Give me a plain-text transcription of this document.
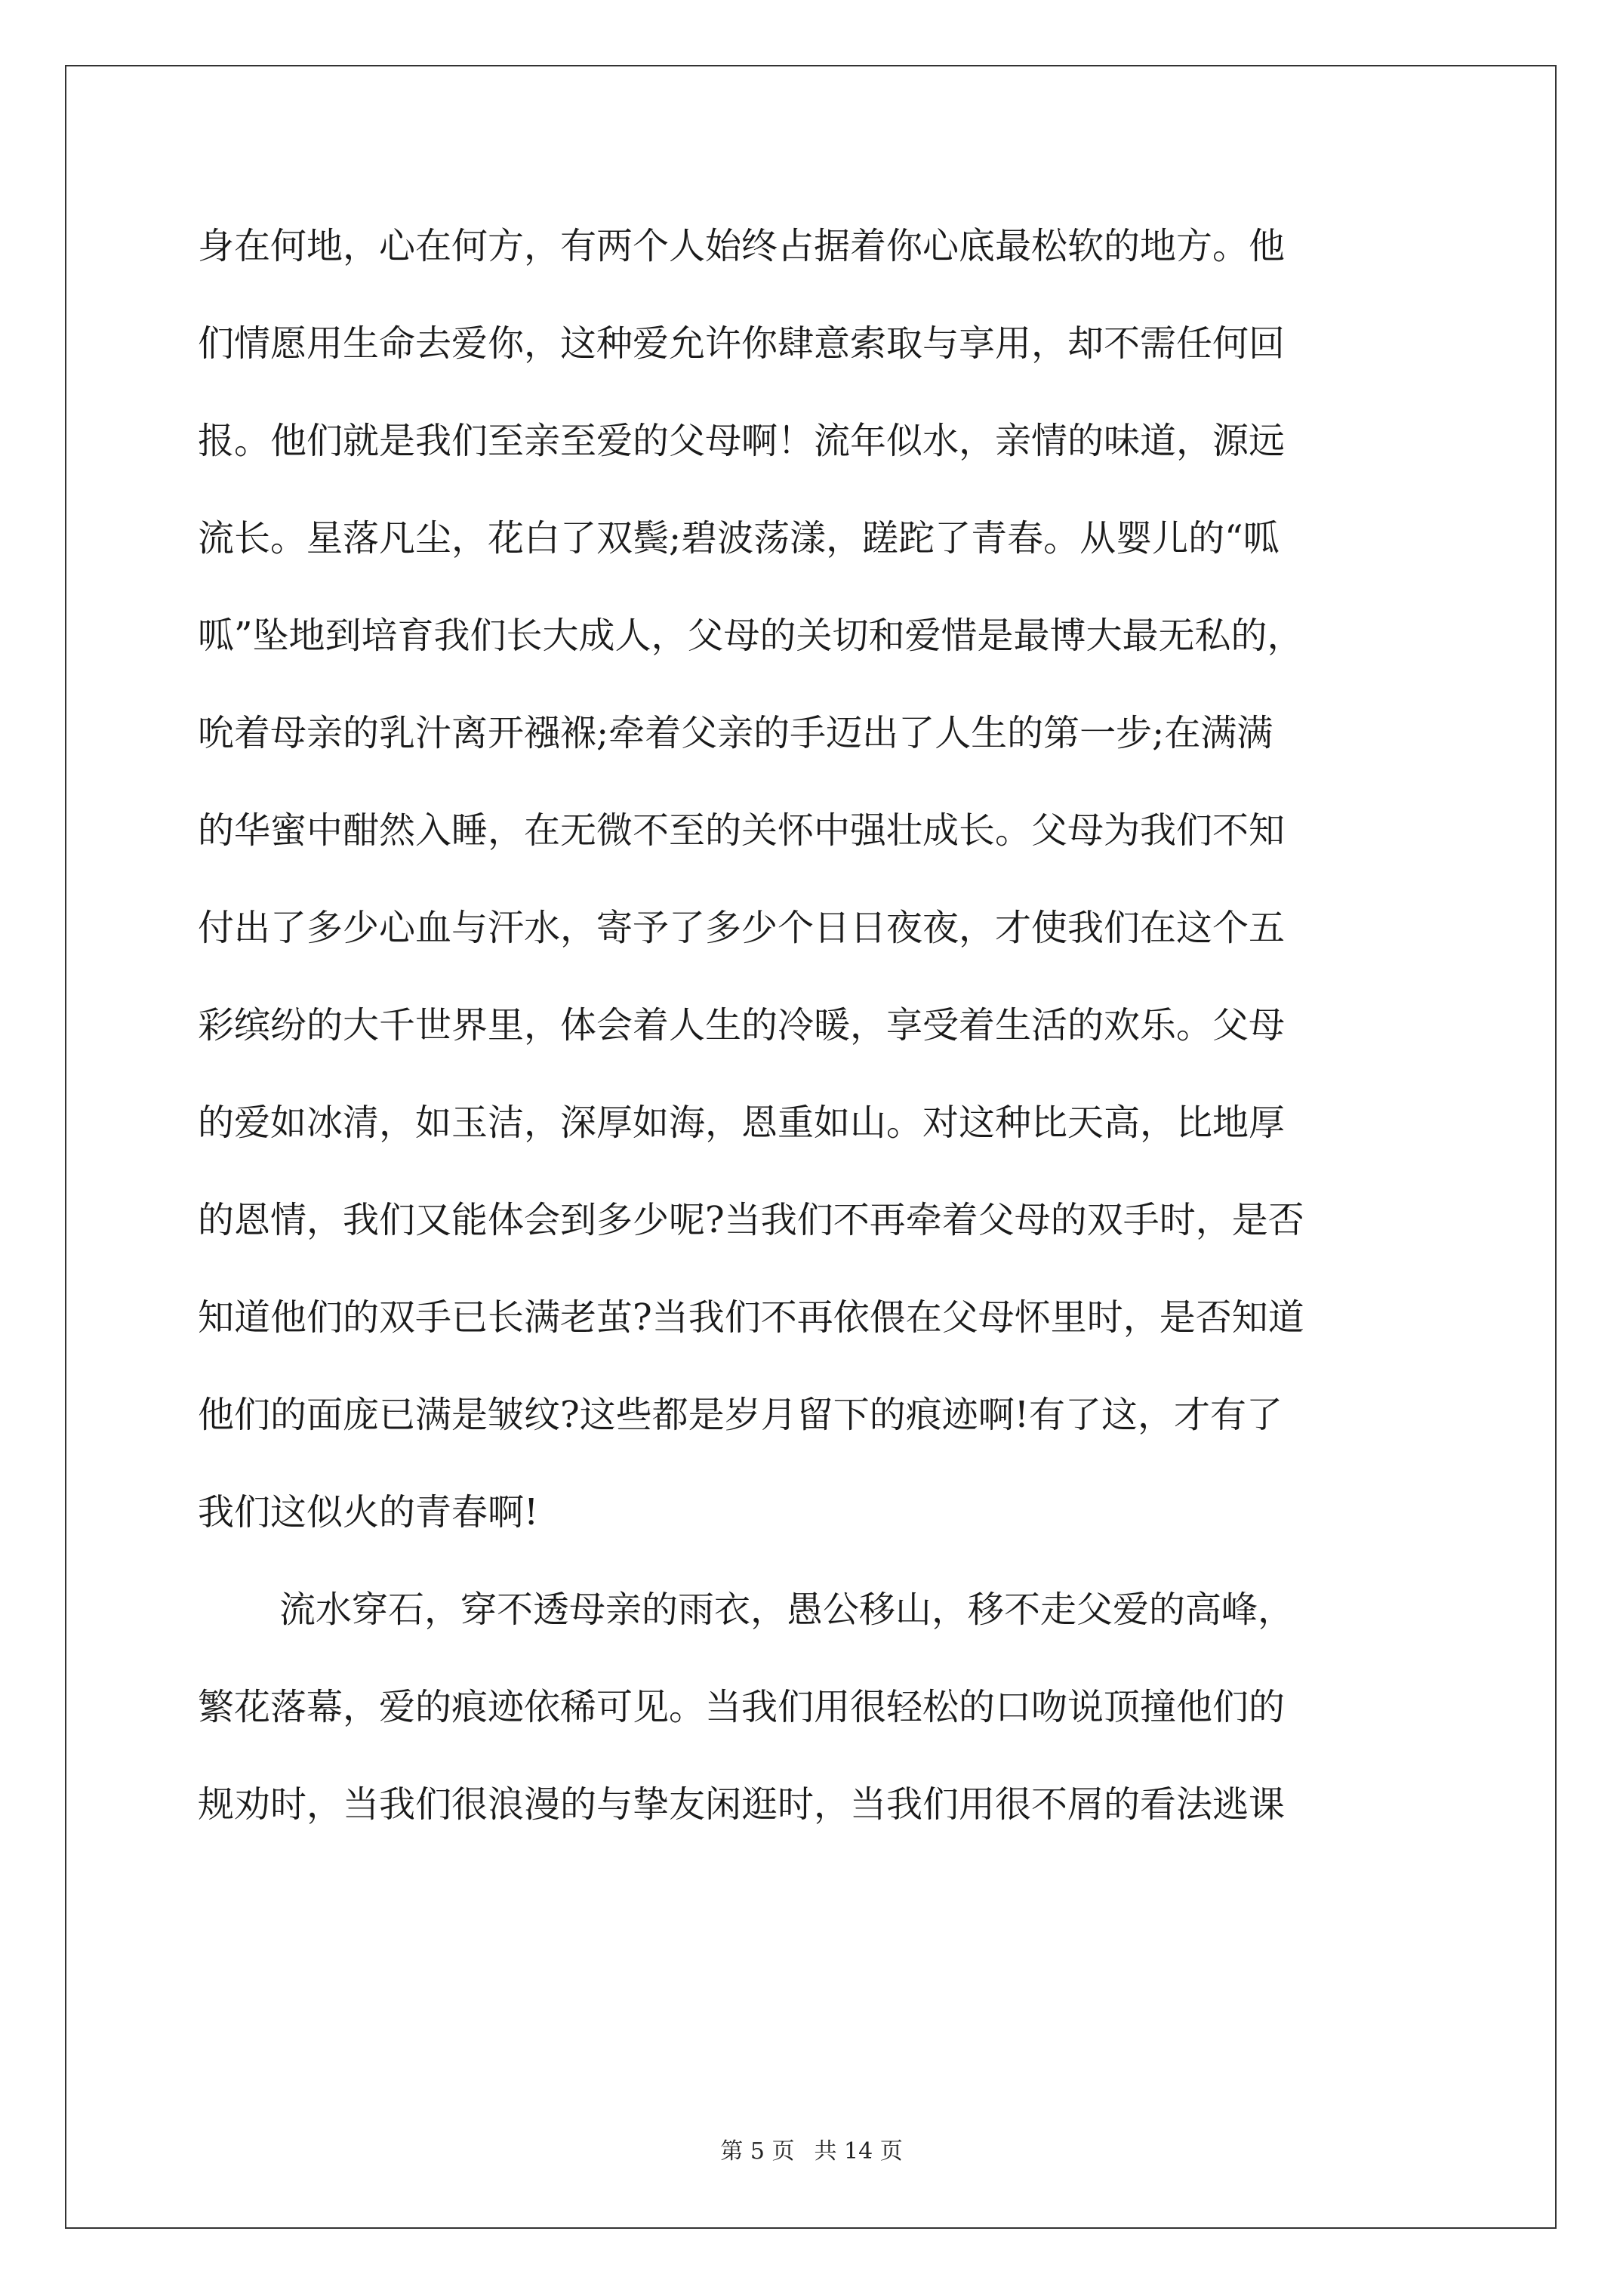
身在何地，心在何方，有两个人始终占据着你心底最松软的地方。他
们情愿用生命去爱你，这种爱允许你肆意索取与享用，却不需任何回
报。他们就是我们至亲至爱的父母啊！流年似水，亲情的味道，源远
流长。星落凡尘，花白了双鬓;碧波荡漾，蹉跎了青春。从婴儿的“呱
呱”坠地到培育我们长大成人，父母的关切和爱惜是最博大最无私的，
吮着母亲的乳汁离开襁褓;牵着父亲的手迈出了人生的第一步;在满满
的华蜜中酣然入睡，在无微不至的关怀中强壮成长。父母为我们不知
付出了多少心血与汗水，寄予了多少个日日夜夜，才使我们在这个五
彩缤纷的大千世界里，体会着人生的冷暖，享受着生活的欢乐。父母
的爱如冰清，如玉洁，深厚如海，恩重如山。对这种比天高，比地厚
的恩情，我们又能体会到多少呢?当我们不再牵着父母的双手时，是否
知道他们的双手已长满老茧?当我们不再依偎在父母怀里时，是否知道
他们的面庞已满是皱纹?这些都是岁月留下的痕迹啊!有了这，才有了
我们这似火的青春啊!

流水穿石，穿不透母亲的雨衣，愚公移山，移不走父爱的高峰，
繁花落幕，爱的痕迹依稀可见。当我们用很轻松的口吻说顶撞他们的
规劝时，当我们很浪漫的与挚友闲逛时，当我们用很不屑的看法逃课

第 5 页 共 14 页
